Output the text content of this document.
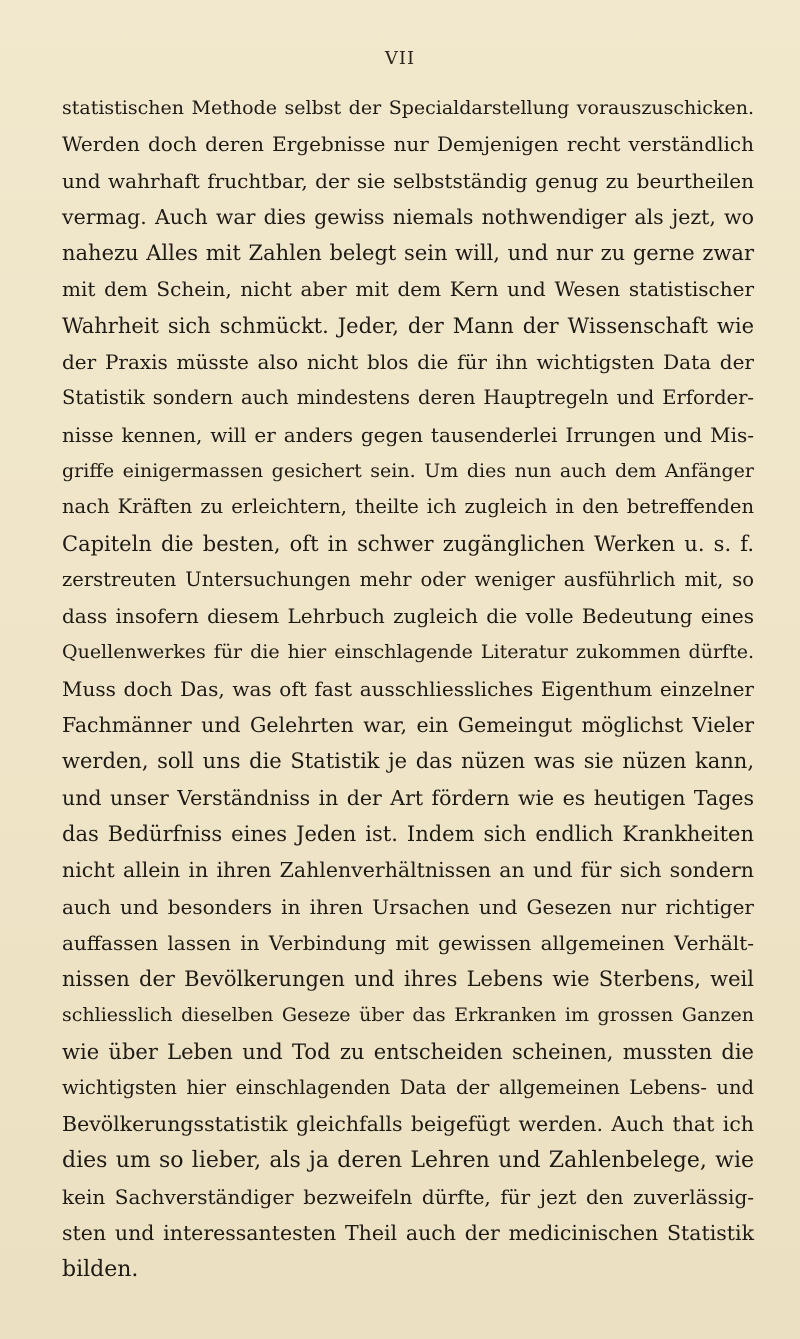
VII
statistischen Methode selbst der Specialdarstellung vorauszuschicken.
Werden doch deren Ergebnisse nur Demjenigen recht verständlich
und wahrhaft fruchtbar, der sie selbstständig genug zu beurtheilen
vermag. Auch war dies gewiss niemals nothwendiger als jezt, wo
nahezu Alles mit Zahlen belegt sein will, und nur zu gerne zwar
mit dem Schein, nicht aber mit dem Kern und Wesen statistischer
Wahrheit sich schmückt. Jeder, der Mann der Wissenschaft wie
der Praxis müsste also nicht blos die für ihn wichtigsten Data der
Statistik sondern auch mindestens deren Hauptregeln und Erforder-
nisse kennen, will er anders gegen tausenderlei Irrungen und Mis-
griffe einigermassen gesichert sein. Um dies nun auch dem Anfänger
nach Kräften zu erleichtern, theilte ich zugleich in den betreffenden
Capiteln die besten, oft in schwer zugänglichen Werken u. s. f.
zerstreuten Untersuchungen mehr oder weniger ausführlich mit, so
dass insofern diesem Lehrbuch zugleich die volle Bedeutung eines
Quellenwerkes für die hier einschlagende Literatur zukommen dürfte.
Muss doch Das, was oft fast ausschliessliches Eigenthum einzelner
Fachmänner und Gelehrten war, ein Gemeingut möglichst Vieler
werden, soll uns die Statistik je das nüzen was sie nüzen kann,
und unser Verständniss in der Art fördern wie es heutigen Tages
das Bedürfniss eines Jeden ist. Indem sich endlich Krankheiten
nicht allein in ihren Zahlenverhältnissen an und für sich sondern
auch und besonders in ihren Ursachen und Gesezen nur richtiger
auffassen lassen in Verbindung mit gewissen allgemeinen Verhält-
nissen der Bevölkerungen und ihres Lebens wie Sterbens, weil
schliesslich dieselben Geseze über das Erkranken im grossen Ganzen
wie über Leben und Tod zu entscheiden scheinen, mussten die
wichtigsten hier einschlagenden Data der allgemeinen Lebens- und
Bevölkerungsstatistik gleichfalls beigefügt werden. Auch that ich
dies um so lieber, als ja deren Lehren und Zahlenbelege, wie
kein Sachverständiger bezweifeln dürfte, für jezt den zuverlässig-
sten und interessantesten Theil auch der medicinischen Statistik
bilden.
